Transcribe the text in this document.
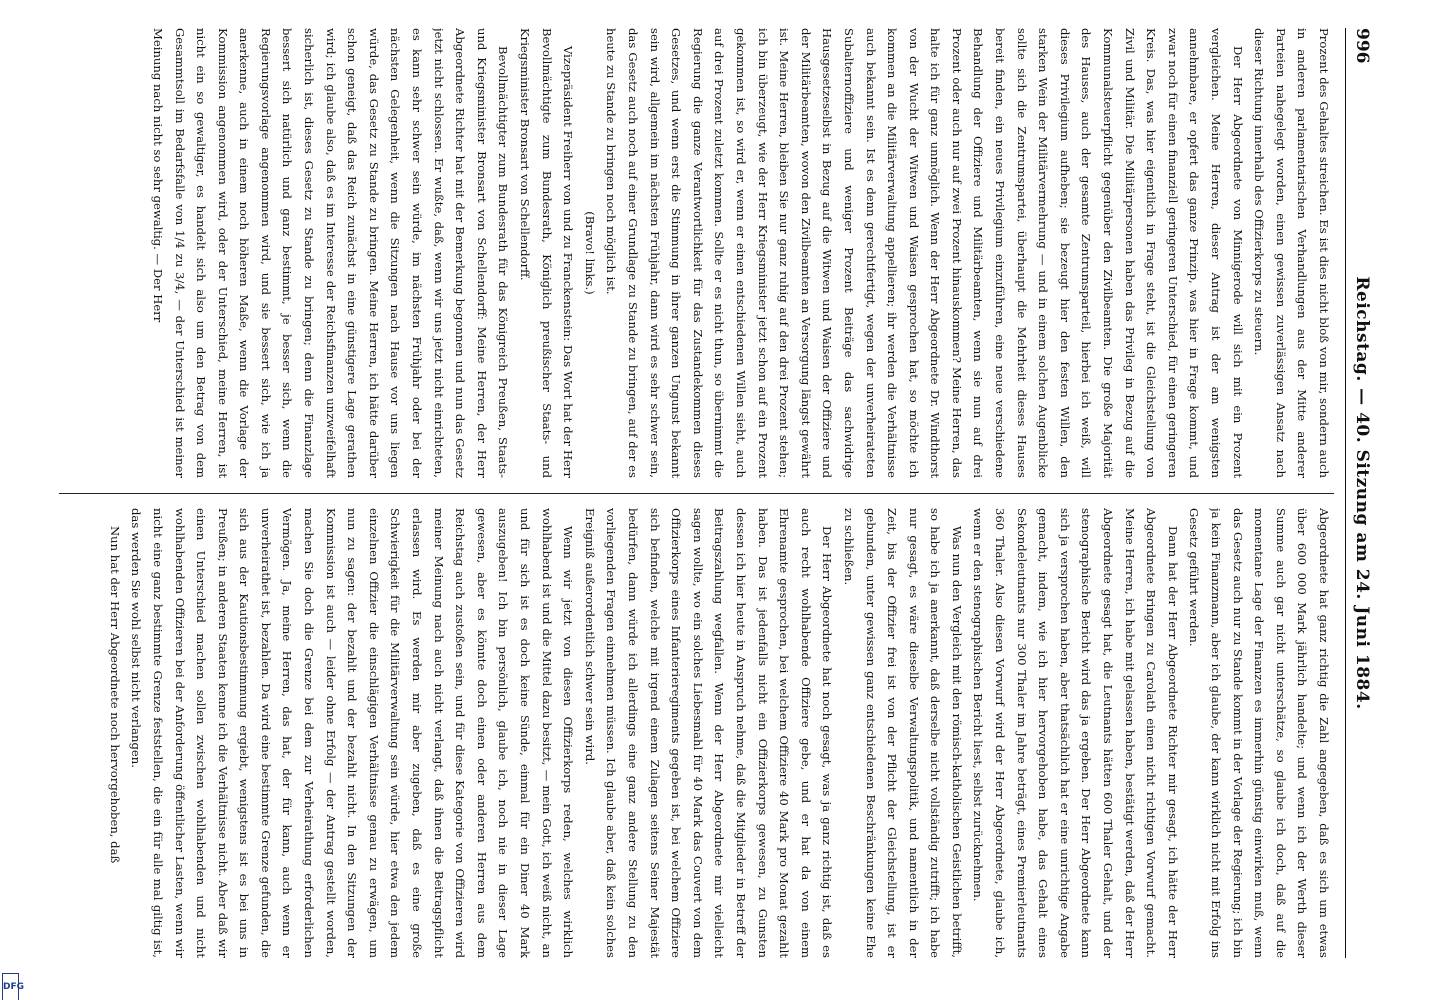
996
Reichstag. — 40. Sitzung am 24. Juni 1884.

Prozent des Gehaltes streichen. Es ist dies nicht bloß von mir, sondern auch in anderen parlamentarischen Verhandlungen aus der Mitte anderer Parteien nahegelegt worden, einen gewissen zuverlässigen Ansatz nach dieser Richtung innerhalb des Offizierkorps zu steuern.

Der Herr Abgeordnete von Minnigerode will sich mit ein Prozent vergleichen. Meine Herren, dieser Antrag ist der am wenigsten annehmbare, er opfert das ganze Prinzip, was hier in Frage kommt, und zwar noch für einen finanziell geringeren Unterschied, für einen geringeren Kreis. Das, was hier eigentlich in Frage steht, ist die Gleichstellung von Zivil und Militär. Die Militärpersonen haben das Privileg in Bezug auf die Kommunalsteuerpflicht gegenüber den Zivilbeamten. Die große Majorität des Hauses, auch der gesamte Zentrumsparteil, hierbei ich weiß, will dieses Privilegium aufheben; sie bezeugt hier den festen Willen, den starken Wein der Militärvermehrung — und in einem solchen Augenblicke sollte sich die Zentrumspartei, überhaupt die Mehrheit dieses Hauses bereit finden, ein neues Privilegium einzuführen, eine neue verschiedene Behandlung der Offiziere und Militärbeamten, wenn sie nun auf drei Prozent oder auch nur auf zwei Prozent hinauskommen? Meine Herren, das halte ich für ganz unmöglich. Wenn der Herr Abgeordnete Dr. Windthorst von der Wucht der Witwen und Waisen gesprochen hat, so möchte ich kommen an die Militärverwaltung appellieren; ihr werden die Verhältnisse auch bekannt sein. Ist es denn gerechtfertigt, wegen der unverheirateten Subalternoffiziere und weniger Prozent Beiträge das sachwidrige Hausgesetzeselbst in Bezug auf die Witwen und Waisen der Offiziere und der Militärbeamten, wovon den Zivilbeamten an Versorgung längst gewährt ist. Meine Herren, bleiben Sie nur ganz ruhig auf den drei Prozent stehen; ich bin überzeugt, wie der Herr Kriegsminister jetzt schon auf ein Prozent gekommen ist, so wird er, wenn er einen entschiedenen Willen sieht, auch auf drei Prozent zuletzt kommen. Sollte er es nicht thun, so übernimmt die Regierung die ganze Verantwortlichkeit für das Zustandekommen dieses Gesetzes, und wenn erst die Stimmung in ihrer ganzen Ungunst bekannt sein wird, allgemein im nächsten Frühjahr, dann wird es sehr schwer sein, das Gesetz auch noch auf einer Grundlage zu Stande zu bringen, auf der es heute zu Stande zu bringen noch möglich ist.

(Bravo! links.)

Vizepräsident Freiherr von und zu Franckenstein: Das Wort hat der Herr Bevollmächtigte zum Bundesrath, Königlich preußischer Staats- und Kriegsminister Bronsart von Schellendorff.

Bevollmächtigter zum Bundesrath für das Königreich Preußen, Staats- und Kriegsminister Bronsart von Schellendorff: Meine Herren, der Herr Abgeordnete Richter hat mit der Bemerkung begonnen und nun das Gesetz jetzt nicht schlossen. Er wußte, daß, wenn wir uns jetzt nicht einrichteten, es kann sehr schwer sein würde, im nächsten Frühjahr oder bei der nächsten Gelegenheit, wenn die Sitzungen nach Hause vor uns liegen würde, das Gesetz zu Stande zu bringen. Meine Herren, ich hätte darüber schon geneigt, daß das Reich zunächst in eine günstigere Lage gerathen wird; ich glaube also, daß es im Interesse der Reichsfinanzen unzweifelhaft sicherlich ist, dieses Gesetz zu Stande zu bringen; denn die Finanzlage bessert sich natürlich und ganz bestimmt, je besser sich, wenn die Regierungsvorlage angenommen wird, und sie bessert sich, wie ich ja anerkenne, auch in einem noch höheren Maße, wenn die Vorlage der Kommission angenommen wird, oder der Unterschied, meine Herren, ist nicht ein so gewaltiger, es handelt sich also um den Betrag von dem Gesammtsoll im Bedarfsfalle von 1/4 zu 3/4, — der Unterschied ist meiner Meinung nach nicht so sehr gewaltig. — Der Herr

Abgeordnete hat ganz richtig die Zahl angegeben, daß es sich um etwas über 600 000 Mark jährlich handelte; und wenn ich der Werth dieser Summe auch gar nicht unterschätze, so glaube ich doch, daß auf die momentane Lage der Finanzen es immerhin günstig einwirken muß, wenn das Gesetz auch nur zu Stande kommt in der Vorlage der Regierung; ich bin ja kein Finanzmann, aber ich glaube, der kann wirklich nicht mit Erfolg ins Gesetz geführt werden.

Dann hat der Herr Abgeordnete Richter mir gesagt, ich hätte der Herr Abgeordnete Bringen zu Carolath einen nicht richtigen Vorwurf gemacht. Meine Herren, ich habe mit gelassen haben, bestätigt werden, daß der Herr Abgeordnete gesagt hat, die Leutnants hätten 600 Thaler Gehalt, und der stenographische Bericht wird das ja ergeben. Der Herr Abgeordnete kann sich ja versprochen haben, aber thatsächlich hat er eine unrichtige Angabe gemacht, indem, wie ich hier hervorgehoben habe, das Gehalt eines Sekondeleutnants nur 300 Thaler im Jahre beträgt, eines Premierleutnants 360 Thaler. Also diesen Vorwurf wird der Herr Abgeordnete, glaube ich, wenn er den stenographischen Bericht liest, selbst zurücknehmen.

Was nun den Vergleich mit den römisch-katholischen Geistlichen betrifft, so habe ich ja anerkannt, daß derselbe nicht vollständig zutrifft; ich habe nur gesagt, es wäre dieselbe Verwaltungspolitik, und namentlich in der Zeit, bis der Offizier frei ist von der Pflicht der Gleichstellung, ist er gebunden, unter gewissen ganz entschiedenen Beschränkungen keine Ehe zu schließen.

Der Herr Abgeordnete hat noch gesagt, was ja ganz richtig ist, daß es auch recht wohlhabende Offiziere gebe, und er hat da von einem Ehrenamte gesprochen, bei welchem Offiziere 40 Mark pro Monat gezahlt haben. Das ist jedenfalls nicht ein Offizierkorps gewesen, zu Gunsten dessen ich hier heute in Anspruch nehme, daß die Mitglieder in Betreff der Beitragszahlung wegfallen. Wenn der Herr Abgeordnete mir vielleicht sagen wollte, wo ein solches Liebesmahl für 40 Mark das Couvert von dem Offizierkorps eines Infanterieregiments gegeben ist, bei welchem Offiziere sich befinden, welche mit irgend einem Zulagen seitens Seiner Majestät bedürfen, dann würde ich allerdings eine ganz andere Stellung zu den vorliegenden Fragen einnehmen müssen. Ich glaube aber, daß kein solches Ereigniß außerordentlich schwer sein wird.

Wenn wir jetzt von diesen Offizierkorps reden, welches wirklich wohlhabend ist und die Mittel dazu besitzt, — mein Gott, ich weiß nicht, an und für sich ist es doch keine Sünde, einmal für ein Diner 40 Mark auszugeben! Ich bin persönlich, glaube ich, noch nie in dieser Lage gewesen, aber es könnte doch einen oder anderen Herren aus dem Reichstag auch zustoßen sein, und für diese Kategorie von Offizieren wird meiner Meinung nach auch nicht verlangt, daß ihnen die Beitragspflicht erlassen wird. Es werden mir aber zugeben, daß es eine große Schwierigkeit für die Militärverwaltung sein würde, hier etwa den jedem einzelnen Offizier die einschlägigen Verhältnisse genau zu erwägen, um nun zu sagen: der bezahlt und der bezahlt nicht. In den Sitzungen der Kommission ist auch — leider ohne Erfolg — der Antrag gestellt worden, machen Sie doch die Grenze bei dem zur Verheirathung erforderlichen Vermögen. Ja, meine Herren, das hat, der für kann, auch wenn er unverheirathet ist, bezahlen. Da wird eine bestimmte Grenze gefunden, die sich aus der Kautionsbestimmung ergiebt, wenigstens ist es bei uns in Preußen; in anderen Staaten kenne ich die Verhältnisse nicht. Aber daß wir einen Unterschied machen sollen zwischen wohlhabenden und nicht wohlhabenden Offizieren bei der Anforderung öffentlicher Lasten, wenn wir nicht eine ganz bestimmte Grenze feststellen, die ein für alle mal giltig ist, das werden Sie wohl selbst nicht verlangen.

Nun hat der Herr Abgeordnete noch hervorgehoben, daß

DFG
